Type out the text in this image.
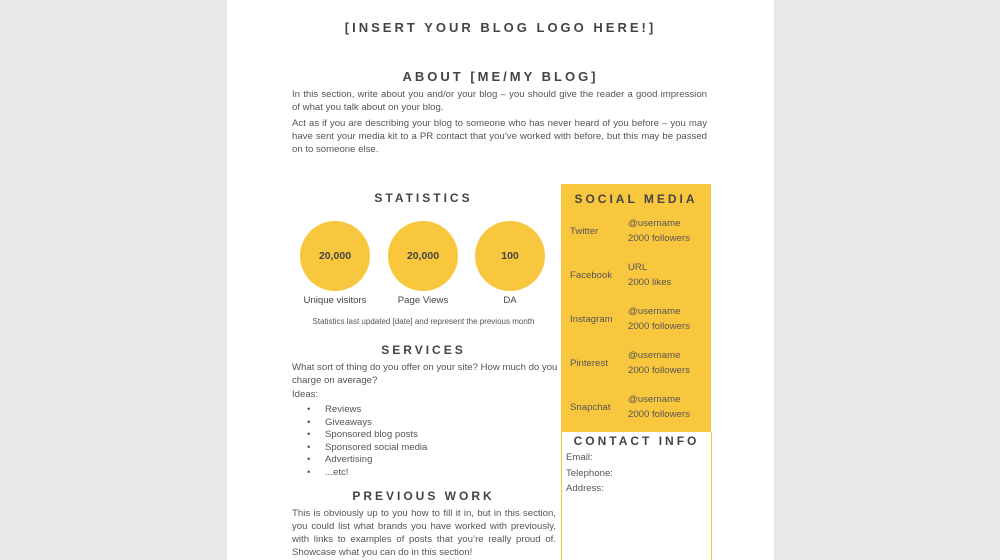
[INSERT YOUR BLOG LOGO HERE!]
ABOUT [ME/MY BLOG]

In this section, write about you and/or your blog – you should give the reader a good impression of what you talk about on your blog.

Act as if you are describing your blog to someone who has never heard of you before – you may have sent your media kit to a PR contact that you’ve worked with before, but this may be passed on to someone else.

STATISTICS
20,000
Unique visitors
20,000
Page Views
100
DA
Statistics last updated [date] and represent the previous month
SERVICES

What sort of thing do you offer on your site? How much do you charge on average?

Ideas:
• Reviews
• Giveaways
• Sponsored blog posts
• Sponsored social media
• Advertising
• ...etc!
PREVIOUS WORK
This is obviously up to you how to fill it in, but in this section, you could list what brands you have worked with previously, with links to examples of posts that you’re really proud of. Showcase what you can do in this section!
SOCIAL MEDIA
Twitter
@username
2000 followers
Facebook
URL
2000 likes
Instagram
@username
2000 followers
Pinterest
@username
2000 followers
Snapchat
@username
2000 followers
CONTACT INFO
Email:
Telephone:
Address:
